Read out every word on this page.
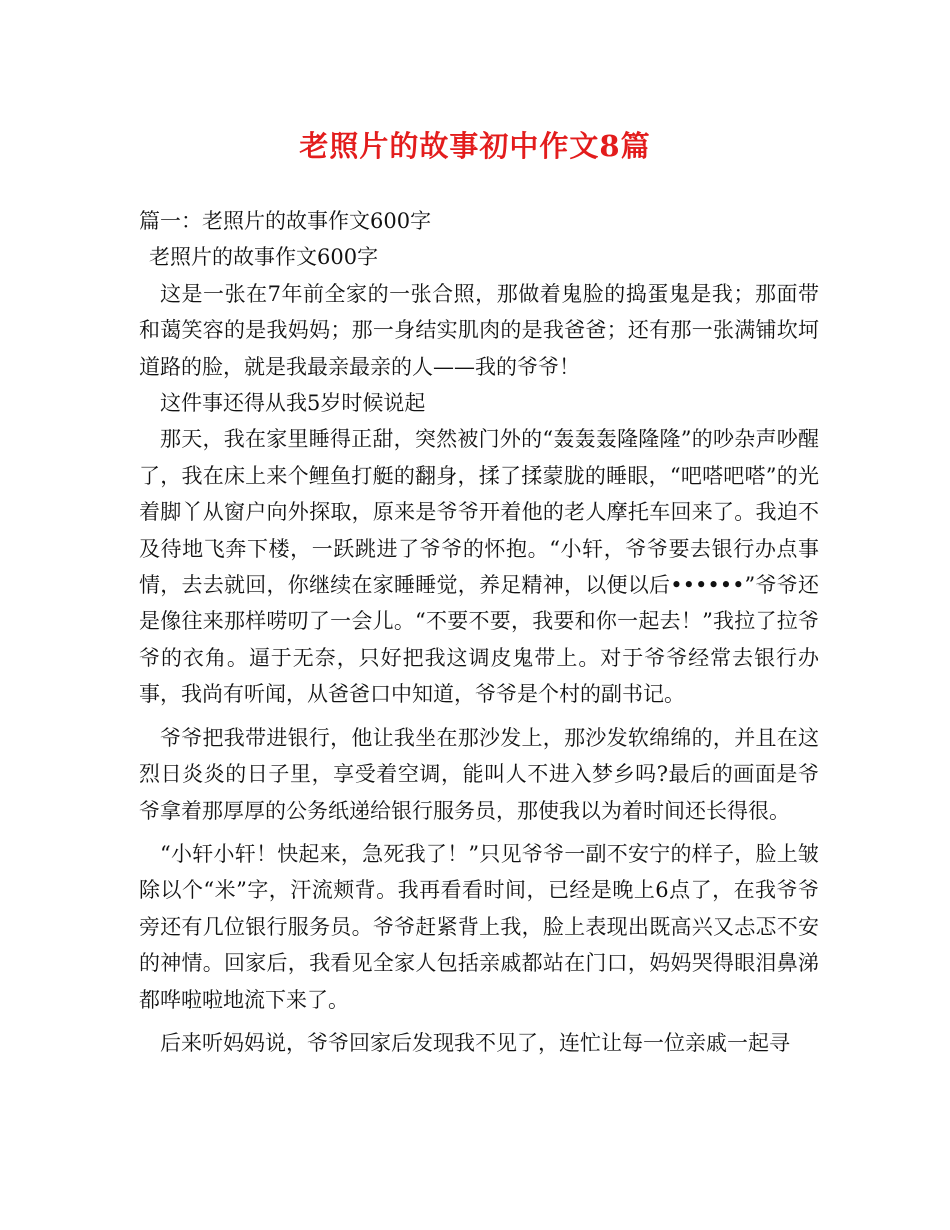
老照片的故事初中作文8篇

篇一：老照片的故事作文600字

老照片的故事作文600字

这是一张在7年前全家的一张合照，那做着鬼脸的捣蛋鬼是我；那面带和蔼笑容的是我妈妈；那一身结实肌肉的是我爸爸；还有那一张满铺坎坷道路的脸，就是我最亲最亲的人——我的爷爷！

这件事还得从我5岁时候说起

那天，我在家里睡得正甜，突然被门外的“轰轰轰隆隆隆”的吵杂声吵醒了，我在床上来个鲤鱼打艇的翻身，揉了揉蒙胧的睡眼，“吧嗒吧嗒”的光着脚丫从窗户向外探取，原来是爷爷开着他的老人摩托车回来了。我迫不及待地飞奔下楼，一跃跳进了爷爷的怀抱。“小轩，爷爷要去银行办点事情，去去就回，你继续在家睡睡觉，养足精神，以便以后••••••”爷爷还是像往来那样唠叨了一会儿。“不要不要，我要和你一起去！”我拉了拉爷爷的衣角。逼于无奈，只好把我这调皮鬼带上。对于爷爷经常去银行办事，我尚有听闻，从爸爸口中知道，爷爷是个村的副书记。

爷爷把我带进银行，他让我坐在那沙发上，那沙发软绵绵的，并且在这烈日炎炎的日子里，享受着空调，能叫人不进入梦乡吗?最后的画面是爷爷拿着那厚厚的公务纸递给银行服务员，那使我以为着时间还长得很。

“小轩小轩！快起来，急死我了！”只见爷爷一副不安宁的样子，脸上皱除以个“米”字，汗流颊背。我再看看时间，已经是晚上6点了，在我爷爷旁还有几位银行服务员。爷爷赶紧背上我，脸上表现出既高兴又忐忑不安的神情。回家后，我看见全家人包括亲戚都站在门口，妈妈哭得眼泪鼻涕都哗啦啦地流下来了。

后来听妈妈说，爷爷回家后发现我不见了，连忙让每一位亲戚一起寻
